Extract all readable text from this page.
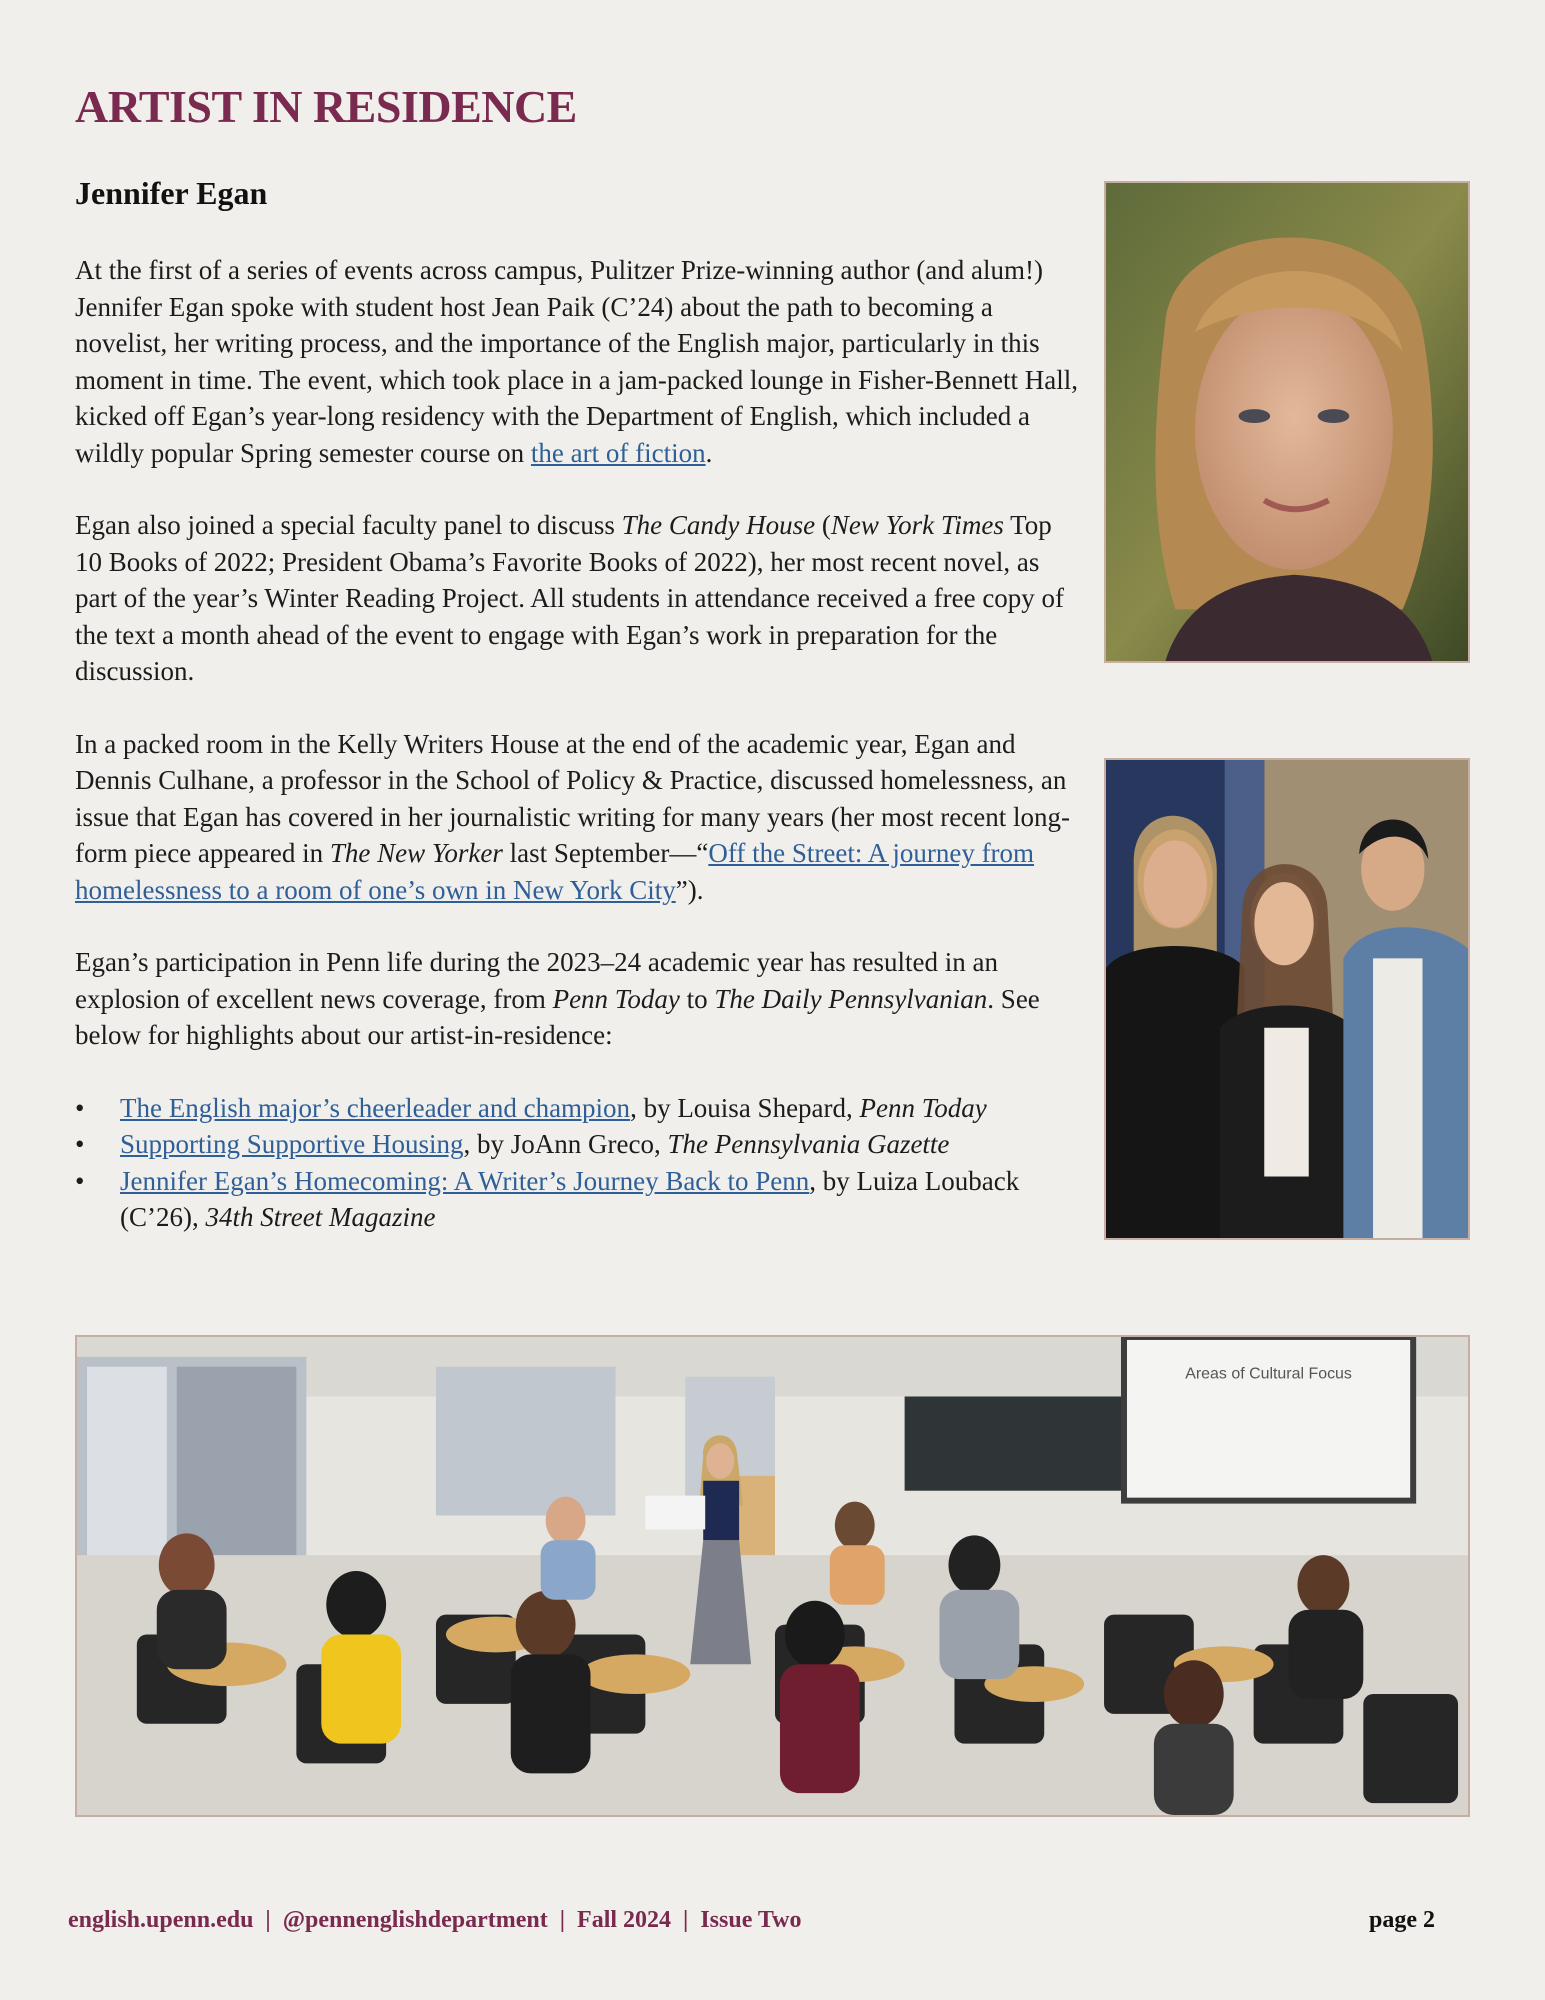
ARTIST IN RESIDENCE
Jennifer Egan

At the first of a series of events across campus, Pulitzer Prize-winning author (and alum!) Jennifer Egan spoke with student host Jean Paik (C’24) about the path to becoming a novelist, her writing process, and the importance of the English major, particularly in this moment in time. The event, which took place in a jam-packed lounge in Fisher-Bennett Hall, kicked off Egan’s year-long residency with the Department of English, which included a wildly popular Spring semester course on the art of fiction.

Egan also joined a special faculty panel to discuss The Candy House (New York Times Top 10 Books of 2022; President Obama’s Favorite Books of 2022), her most recent novel, as part of the year’s Winter Reading Project. All students in attendance received a free copy of the text a month ahead of the event to engage with Egan’s work in preparation for the discussion.

In a packed room in the Kelly Writers House at the end of the academic year, Egan and Dennis Culhane, a professor in the School of Policy & Practice, discussed homelessness, an issue that Egan has covered in her journalistic writing for many years (her most recent long-form piece appeared in The New Yorker last September—“Off the Street: A journey from homelessness to a room of one’s own in New York City”).

Egan’s participation in Penn life during the 2023–24 academic year has resulted in an explosion of excellent news coverage, from Penn Today to The Daily Pennsylvanian. See below for highlights about our artist-in-residence:

• The English major’s cheerleader and champion, by Louisa Shepard, Penn Today
• Supporting Supportive Housing, by JoAnn Greco, The Pennsylvania Gazette
• Jennifer Egan’s Homecoming: A Writer’s Journey Back to Penn, by Luiza Louback (C’26), 34th Street Magazine
Areas of Cultural Focus
english.upenn.edu | @pennenglishdepartment | Fall 2024 | Issue Two	page 2
